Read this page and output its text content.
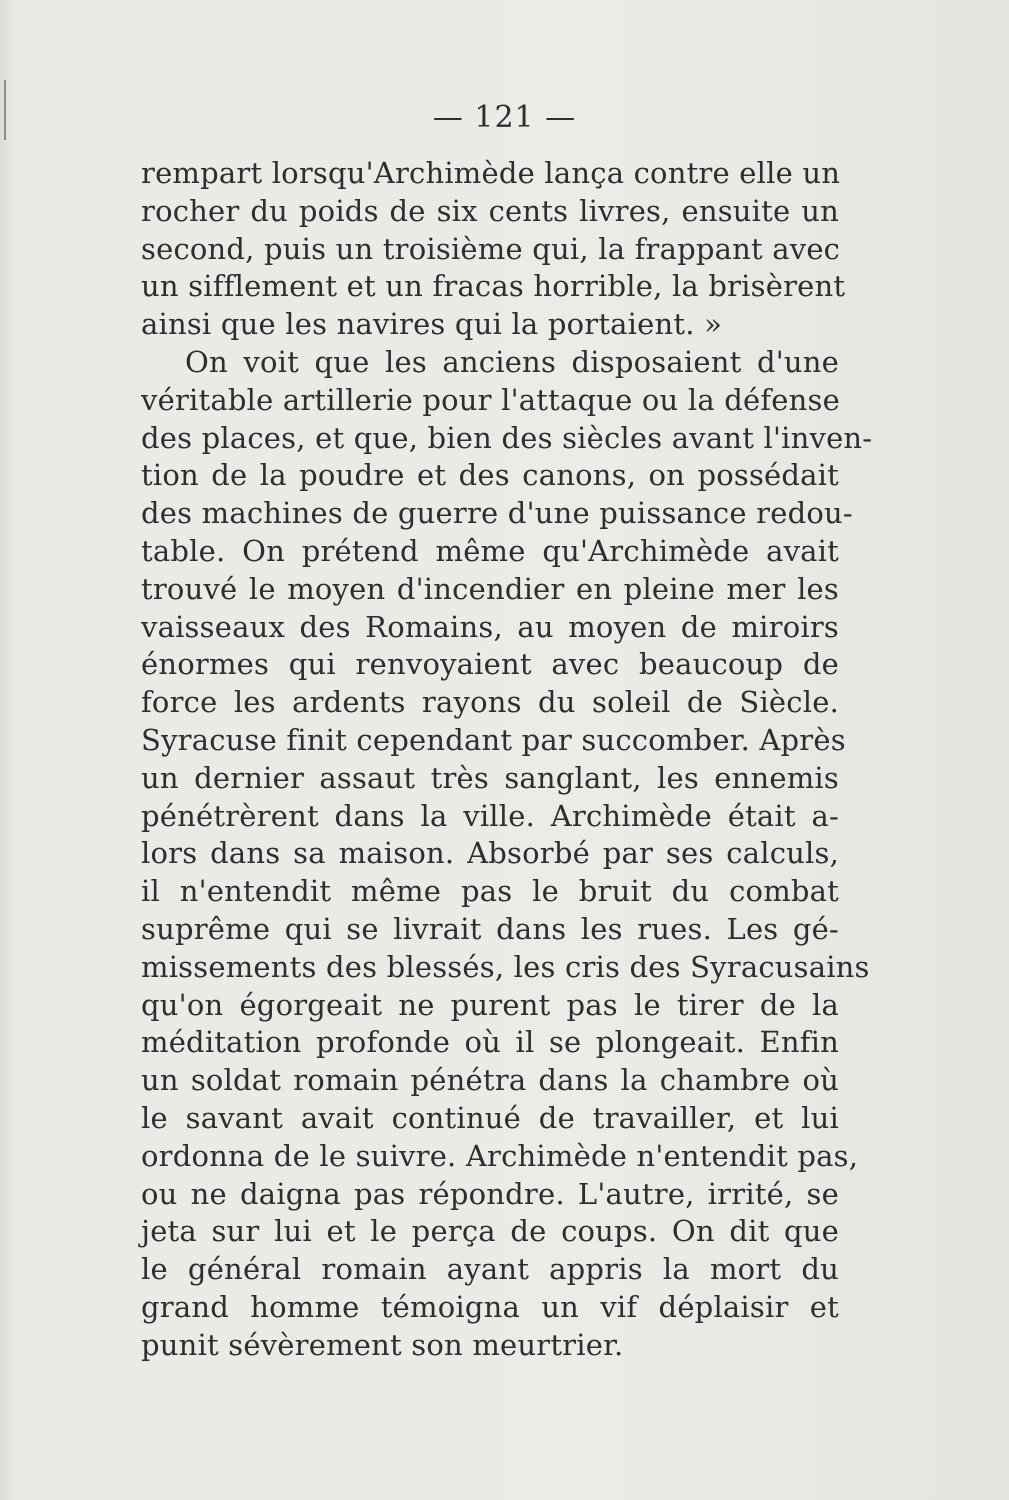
— 121 —
rempart lorsqu'Archimède lança contre elle un
rocher du poids de six cents livres, ensuite un
second, puis un troisième qui, la frappant avec
un sifflement et un fracas horrible, la brisèrent
ainsi que les navires qui la portaient. »
On voit que les anciens disposaient d'une
véritable artillerie pour l'attaque ou la défense
des places, et que, bien des siècles avant l'inven-
tion de la poudre et des canons, on possédait
des machines de guerre d'une puissance redou-
table. On prétend même qu'Archimède avait
trouvé le moyen d'incendier en pleine mer les
vaisseaux des Romains, au moyen de miroirs
énormes qui renvoyaient avec beaucoup de
force les ardents rayons du soleil de Siècle.
Syracuse finit cependant par succomber. Après
un dernier assaut très sanglant, les ennemis
pénétrèrent dans la ville. Archimède était a-
lors dans sa maison. Absorbé par ses calculs,
il n'entendit même pas le bruit du combat
suprême qui se livrait dans les rues. Les gé-
missements des blessés, les cris des Syracusains
qu'on égorgeait ne purent pas le tirer de la
méditation profonde où il se plongeait. Enfin
un soldat romain pénétra dans la chambre où
le savant avait continué de travailler, et lui
ordonna de le suivre. Archimède n'entendit pas,
ou ne daigna pas répondre. L'autre, irrité, se
jeta sur lui et le perça de coups. On dit que
le général romain ayant appris la mort du
grand homme témoigna un vif déplaisir et
punit sévèrement son meurtrier.
